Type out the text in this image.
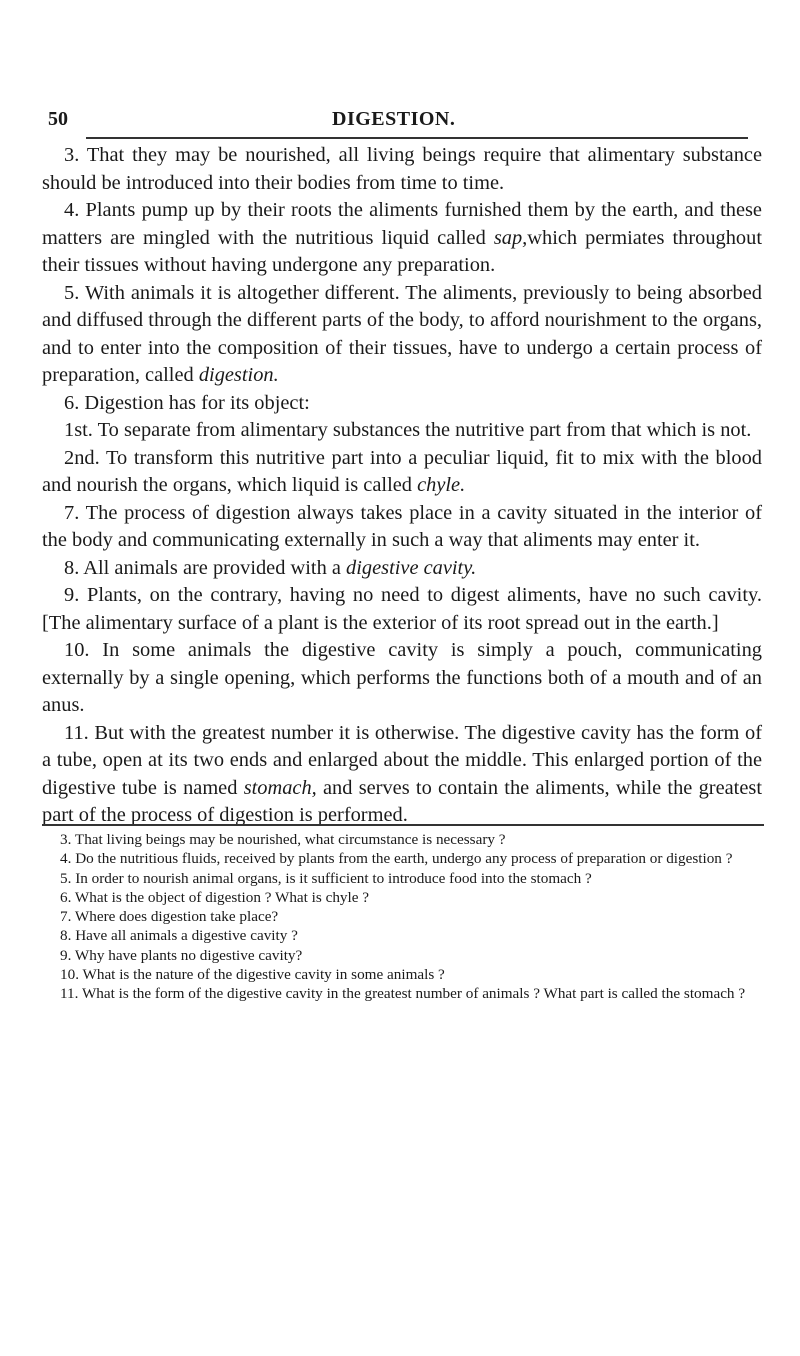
50	DIGESTION.

3. That they may be nourished, all living beings require that alimentary substance should be introduced into their bodies from time to time.

4. Plants pump up by their roots the aliments furnished them by the earth, and these matters are mingled with the nutritious liquid called sap,which permiates throughout their tissues without having undergone any preparation.

5. With animals it is altogether different. The aliments, previously to being absorbed and diffused through the different parts of the body, to afford nourishment to the organs, and to enter into the composition of their tissues, have to undergo a certain process of preparation, called digestion.

6. Digestion has for its object:

1st. To separate from alimentary substances the nutritive part from that which is not.

2nd. To transform this nutritive part into a peculiar liquid, fit to mix with the blood and nourish the organs, which liquid is called chyle.

7. The process of digestion always takes place in a cavity situated in the interior of the body and communicating externally in such a way that aliments may enter it.

8. All animals are provided with a digestive cavity.

9. Plants, on the contrary, having no need to digest aliments, have no such cavity. [The alimentary surface of a plant is the exterior of its root spread out in the earth.]

10. In some animals the digestive cavity is simply a pouch, communicating externally by a single opening, which performs the functions both of a mouth and of an anus.

11. But with the greatest number it is otherwise. The digestive cavity has the form of a tube, open at its two ends and enlarged about the middle. This enlarged portion of the digestive tube is named stomach, and serves to contain the aliments, while the greatest part of the process of digestion is performed.

3. That living beings may be nourished, what circumstance is necessary ?

4. Do the nutritious fluids, received by plants from the earth, undergo any process of preparation or digestion ?

5. In order to nourish animal organs, is it sufficient to introduce food into the stomach ?

6. What is the object of digestion ? What is chyle ?

7. Where does digestion take place?

8. Have all animals a digestive cavity ?

9. Why have plants no digestive cavity?

10. What is the nature of the digestive cavity in some animals ?

11. What is the form of the digestive cavity in the greatest number of animals ? What part is called the stomach ?
